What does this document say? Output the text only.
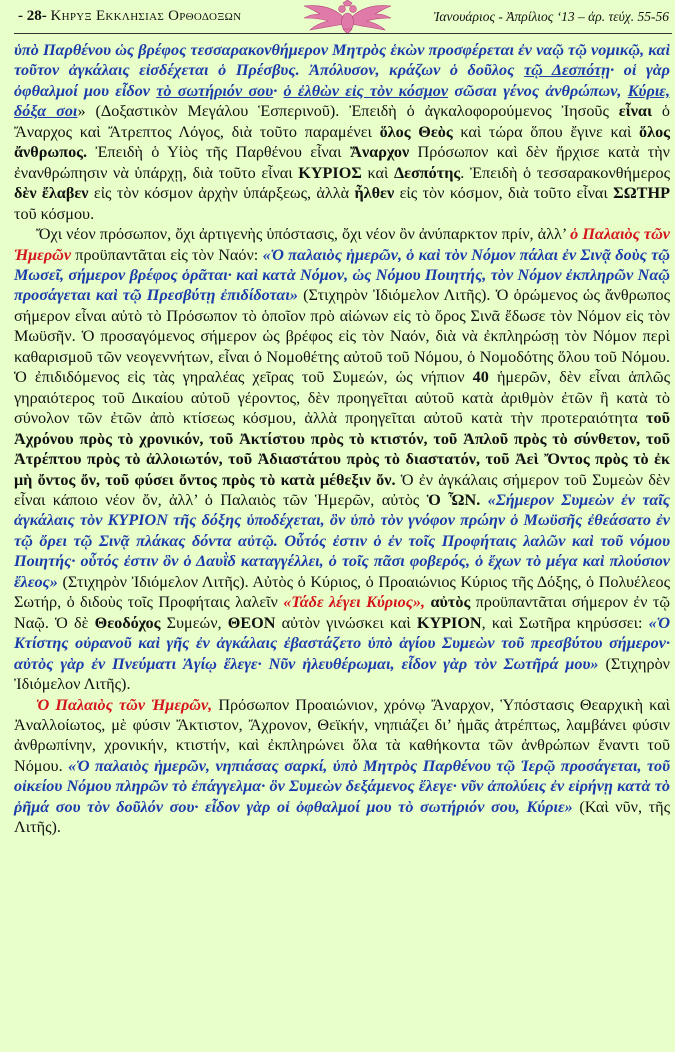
- 28- Κηρυξ Εκκλησιας Ορθοδοξων	Ἰανουάριος - Ἀπρίλιος ‘13 – ἀρ. τεύχ. 55-56

ὑπὸ Παρθένου ὡς βρέφος τεσσαρακονθήμερον Μητρὸς ἑκὼν προσφέρεται ἐν ναῷ τῷ νομικῷ, καὶ τοῦτον ἀγκάλαις εἰσδέχεται ὁ Πρέσβυς. Ἀπόλυσον, κράζων ὁ δοῦλος τῷ Δεσπότῃ· οἱ γὰρ ὀφθαλμοί μου εἶδον τὸ σωτήριόν σου· ὁ ἐλθὼν εἰς τὸν κόσμον σῶσαι γένος ἀνθρώπων, Κύριε, δόξα σοι» (Δοξαστικὸν Μεγάλου Ἑσπερινοῦ). Ἐπειδὴ ὁ ἀγκαλοφορούμενος Ἰησοῦς εἶναι ὁ Ἄναρχος καὶ Ἄτρεπτος Λόγος, διὰ τοῦτο παραμένει ὅλος Θεὸς καὶ τώρα ὅπου ἔγινε καὶ ὅλος ἄνθρωπος. Ἐπειδὴ ὁ Υἱὸς τῆς Παρθένου εἶναι Ἄναρχον Πρόσωπον καὶ δὲν ἤρχισε κατὰ τὴν ἐνανθρώπησιν νὰ ὑπάρχῃ, διὰ τοῦτο εἶναι ΚΥΡΙΟΣ καὶ Δεσπότης. Ἐπειδὴ ὁ τεσσαρακονθήμερος δὲν ἔλαβεν εἰς τὸν κόσμον ἀρχὴν ὑπάρξεως, ἀλλὰ ἦλθεν εἰς τὸν κόσμον, διὰ τοῦτο εἶναι ΣΩΤΗΡ τοῦ κόσμου.

Ὄχι νέον πρόσωπον, ὄχι ἀρτιγενὴς ὑπόστασις, ὄχι νέον ὂν ἀνύπαρκτον πρίν, ἀλλ’ ὁ Παλαιὸς τῶν Ἡμερῶν προϋπαντᾶται εἰς τὸν Ναόν: «Ὁ παλαιὸς ἡμερῶν, ὁ καὶ τὸν Νόμον πάλαι ἐν Σινᾷ δοὺς τῷ Μωσεῖ, σήμερον βρέφος ὁρᾶται· καὶ κατὰ Νόμον, ὡς Νόμου Ποιητής, τὸν Νόμον ἐκπληρῶν Ναῷ προσάγεται καὶ τῷ Πρεσβύτῃ ἐπιδίδοται» (Στιχηρὸν Ἰδιόμελον Λιτῆς). Ὁ ὁρώμενος ὡς ἄνθρωπος σήμερον εἶναι αὐτὸ τὸ Πρόσωπον τὸ ὁποῖον πρὸ αἰώνων εἰς τὸ ὄρος Σινᾶ ἔδωσε τὸν Νόμον εἰς τὸν Μωϋσῆν. Ὁ προσαγόμενος σήμερον ὡς βρέφος εἰς τὸν Ναόν, διὰ νὰ ἐκπληρώσῃ τὸν Νόμον περὶ καθαρισμοῦ τῶν νεογεννήτων, εἶναι ὁ Νομοθέτης αὐτοῦ τοῦ Νόμου, ὁ Νομοδότης ὅλου τοῦ Νόμου. Ὁ ἐπιδιδόμενος εἰς τὰς γηραλέας χεῖρας τοῦ Συμεών, ὡς νήπιον 40 ἡμερῶν, δὲν εἶναι ἁπλῶς γηραιότερος τοῦ Δικαίου αὐτοῦ γέροντος, δὲν προηγεῖται αὐτοῦ κατὰ ἀριθμὸν ἐτῶν ἢ κατὰ τὸ σύνολον τῶν ἐτῶν ἀπὸ κτίσεως κόσμου, ἀλλὰ προηγεῖται αὐτοῦ κατὰ τὴν προτεραιότητα τοῦ Ἀχρόνου πρὸς τὸ χρονικόν, τοῦ Ἀκτίστου πρὸς τὸ κτιστόν, τοῦ Ἁπλοῦ πρὸς τὸ σύνθετον, τοῦ Ἀτρέπτου πρὸς τὸ ἀλλοιωτόν, τοῦ Ἀδιαστάτου πρὸς τὸ διαστατόν, τοῦ Ἀεὶ Ὄντος πρὸς τὸ ἐκ μὴ ὄντος ὄν, τοῦ φύσει ὄντος πρὸς τὸ κατὰ μέθεξιν ὄν. Ὁ ἐν ἀγκάλαις σήμερον τοῦ Συμεὼν δὲν εἶναι κάποιο νέον ὄν, ἀλλ’ ὁ Παλαιὸς τῶν Ἡμερῶν, αὐτὸς Ὁ ὯΝ. «Σήμερον Συμεὼν ἐν ταῖς ἀγκάλαις τὸν ΚΥΡΙΟΝ τῆς δόξης ὑποδέχεται, ὃν ὑπὸ τὸν γνόφον πρώην ὁ Μωϋσῆς ἐθεάσατο ἐν τῷ ὄρει τῷ Σινᾷ πλάκας δόντα αὐτῷ. Οὗτός ἐστιν ὁ ἐν τοῖς Προφήταις λαλῶν καὶ τοῦ νόμου Ποιητής· οὗτός ἐστιν ὃν ὁ Δαυῒδ καταγγέλλει, ὁ τοῖς πᾶσι φοβερός, ὁ ἔχων τὸ μέγα καὶ πλούσιον ἔλεος» (Στιχηρὸν Ἰδιόμελον Λιτῆς). Αὐτὸς ὁ Κύριος, ὁ Προαιώνιος Κύριος τῆς Δόξης, ὁ Πολυέλεος Σωτήρ, ὁ διδοὺς τοῖς Προφήταις λαλεῖν «Τάδε λέγει Κύριος», αὐτὸς προϋπαντᾶται σήμερον ἐν τῷ Ναῷ. Ὁ δὲ Θεοδόχος Συμεών, ΘΕΟΝ αὐτὸν γινώσκει καὶ ΚΥΡΙΟΝ, καὶ Σωτῆρα κηρύσσει: «Ὁ Κτίστης οὐρανοῦ καὶ γῆς ἐν ἀγκάλαις ἐβαστάζετο ὑπὸ ἁγίου Συμεὼν τοῦ πρεσβύτου σήμερον· αὐτὸς γὰρ ἐν Πνεύματι Ἁγίῳ ἔλεγε· Νῦν ἠλευθέρωμαι, εἶδον γὰρ τὸν Σωτῆρά μου» (Στιχηρὸν Ἰδιόμελον Λιτῆς).

Ὁ Παλαιὸς τῶν Ἡμερῶν, Πρόσωπον Προαιώνιον, χρόνῳ Ἄναρχον, Ὑπόστασις Θεαρχικὴ καὶ Ἀναλλοίωτος, μὲ φύσιν Ἄκτιστον, Ἄχρονον, Θεϊκήν, νηπιάζει δι’ ἡμᾶς ἀτρέπτως, λαμβάνει φύσιν ἀνθρωπίνην, χρονικήν, κτιστήν, καὶ ἐκπληρώνει ὅλα τὰ καθήκοντα τῶν ἀνθρώπων ἔναντι τοῦ Νόμου. «Ὁ παλαιὸς ἡμερῶν, νηπιάσας σαρκί, ὑπὸ Μητρὸς Παρθένου τῷ Ἱερῷ προσάγεται, τοῦ οἰκείου Νόμου πληρῶν τὸ ἐπάγγελμα· ὃν Συμεὼν δεξάμενος ἔλεγε· νῦν ἀπολύεις ἐν εἰρήνῃ κατὰ τὸ ῥῆμά σου τὸν δοῦλόν σου· εἶδον γὰρ οἱ ὀφθαλμοί μου τὸ σωτήριόν σου, Κύριε» (Καὶ νῦν, τῆς Λιτῆς).
